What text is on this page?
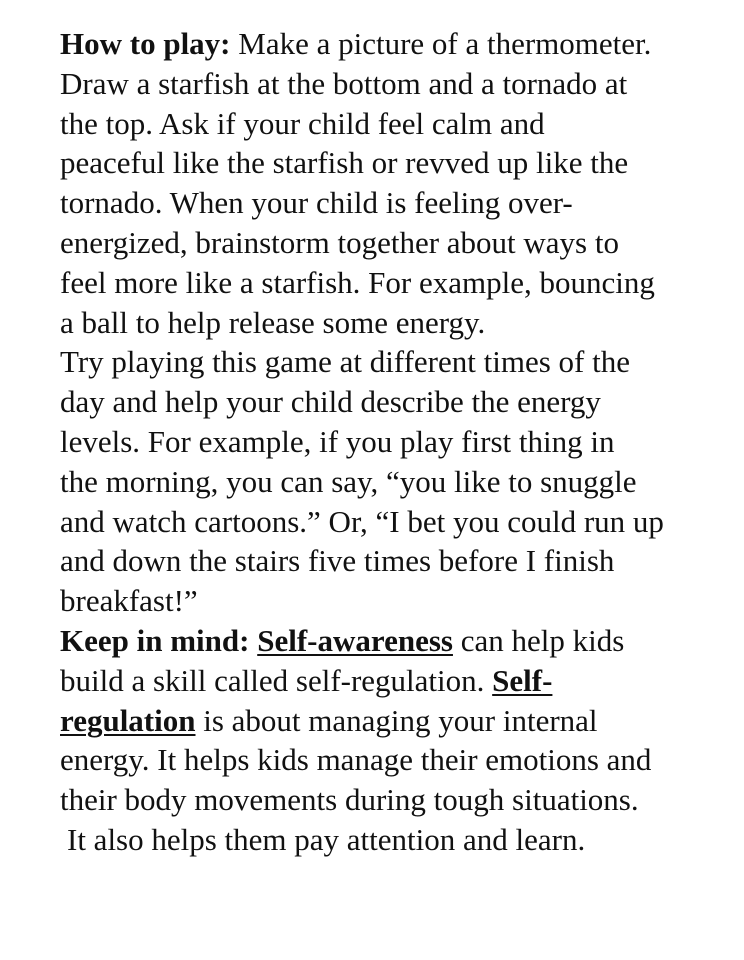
How to play: Make a picture of a thermometer.
Draw a starfish at the bottom and a tornado at
the top. Ask if your child feel calm and
peaceful like the starfish or revved up like the
tornado. When your child is feeling over-
energized, brainstorm together about ways to
feel more like a starfish. For example, bouncing
a ball to help release some energy.
Try playing this game at different times of the
day and help your child describe the energy
levels. For example, if you play first thing in
the morning, you can say, “you like to snuggle
and watch cartoons.” Or, “I bet you could run up
and down the stairs five times before I finish
breakfast!”
Keep in mind: Self-awareness can help kids
build a skill called self-regulation. Self-
regulation is about managing your internal
energy. It helps kids manage their emotions and
their body movements during tough situations.
It also helps them pay attention and learn.
